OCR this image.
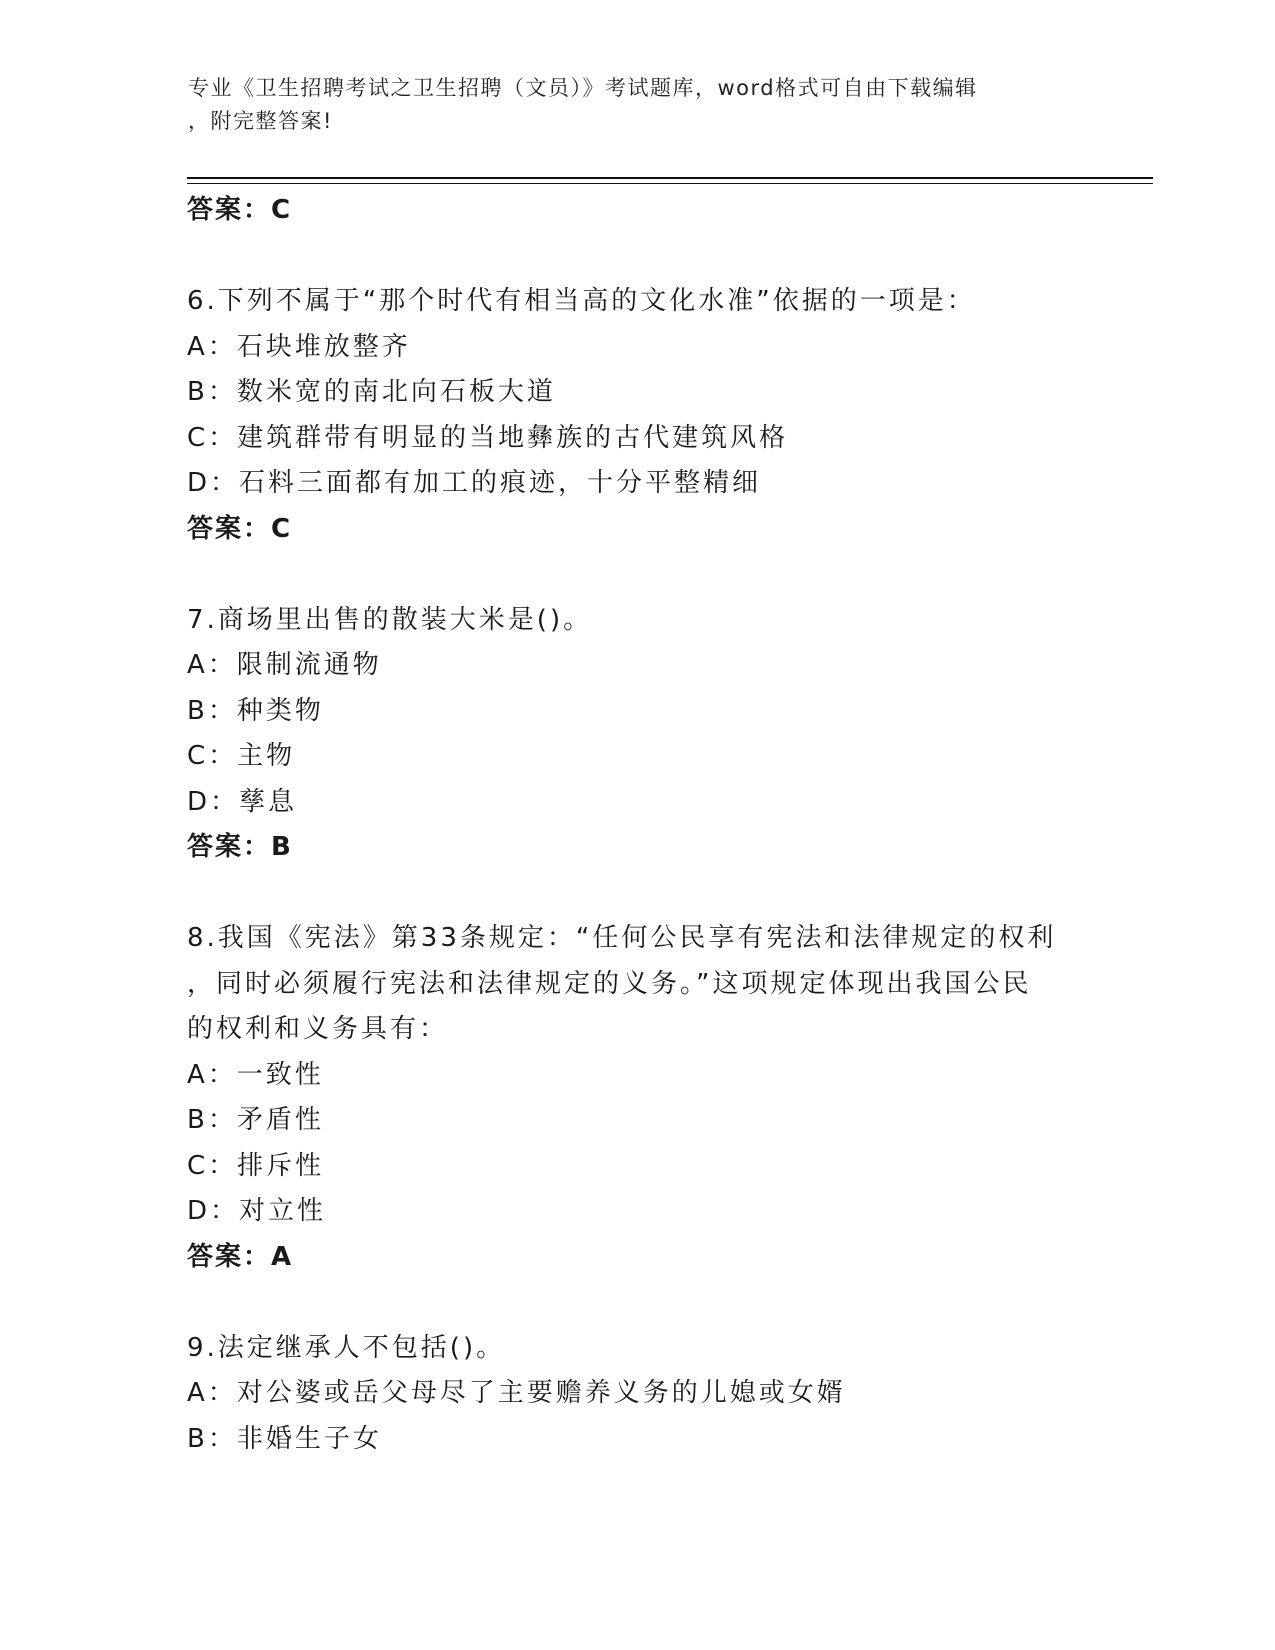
专业《卫生招聘考试之卫生招聘（文员）》考试题库，word格式可自由下载编辑
，附完整答案!
答案：C
6.下列不属于“那个时代有相当高的文化水准”依据的一项是：
A：石块堆放整齐
B：数米宽的南北向石板大道
C：建筑群带有明显的当地彝族的古代建筑风格
D：石料三面都有加工的痕迹，十分平整精细
答案：C
7.商场里出售的散装大米是()。
A：限制流通物
B：种类物
C：主物
D：孳息
答案：B
8.我国《宪法》第33条规定：“任何公民享有宪法和法律规定的权利
，同时必须履行宪法和法律规定的义务。”这项规定体现出我国公民
的权利和义务具有：
A：一致性
B：矛盾性
C：排斥性
D：对立性
答案：A
9.法定继承人不包括()。
A：对公婆或岳父母尽了主要赡养义务的儿媳或女婿
B：非婚生子女
